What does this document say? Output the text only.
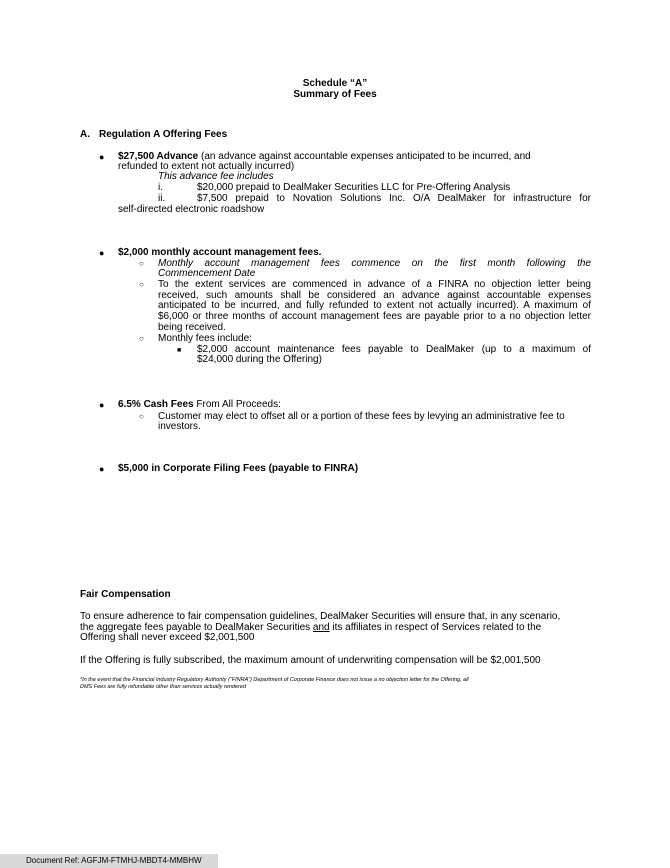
Schedule “A”
Summary of Fees
A. Regulation A Offering Fees
● $27,500 Advance (an advance against accountable expenses anticipated to be incurred, and
refunded to extent not actually incurred)
This advance fee includes
i.	$20,000 prepaid to DealMaker Securities LLC for Pre-Offering Analysis
ii.	$7,500 prepaid to Novation Solutions Inc. O/A DealMaker for infrastructure for
self-directed electronic roadshow
● $2,000 monthly account management fees.
○ Monthly account management fees commence on the first month following the
Commencement Date
○ To the extent services are commenced in advance of a FINRA no objection letter being
received, such amounts shall be considered an advance against accountable expenses
anticipated to be incurred, and fully refunded to extent not actually incurred). A maximum of
$6,000 or three months of account management fees are payable prior to a no objection letter
being received.
○ Monthly fees include:
■ $2,000 account maintenance fees payable to DealMaker (up to a maximum of
$24,000 during the Offering)
● 6.5% Cash Fees From All Proceeds:
○ Customer may elect to offset all or a portion of these fees by levying an administrative fee to
investors.
● $5,000 in Corporate Filing Fees (payable to FINRA)
Fair Compensation
To ensure adherence to fair compensation guidelines, DealMaker Securities will ensure that, in any scenario,
the aggregate fees payable to DealMaker Securities and its affiliates in respect of Services related to the
Offering shall never exceed $2,001,500
If the Offering is fully subscribed, the maximum amount of underwriting compensation will be $2,001,500
*In the event that the Financial Industry Regulatory Authority (“FINRA”) Department of Corporate Finance does not issue a no objection letter for the Offering, all
DMS Fees are fully refundable other than services actually rendered
Document Ref: AGFJM-FTMHJ-MBDT4-MMBHW
